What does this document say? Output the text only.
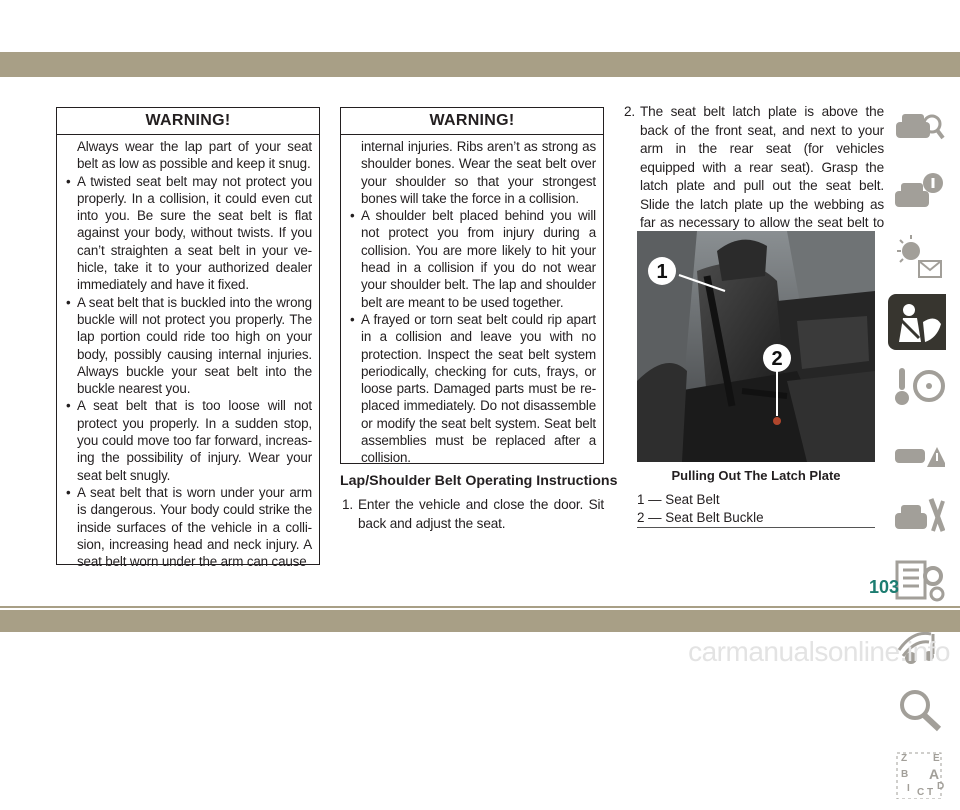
WARNING!

Always wear the lap part of your seat belt as low as possible and keep it snug.

• A twisted seat belt may not protect you properly. In a collision, it could even cut into you. Be sure the seat belt is flat against your body, without twists. If you can’t straighten a seat belt in your ve-hicle, take it to your authorized dealer immediately and have it fixed.

• A seat belt that is buckled into the wrong buckle will not protect you properly. The lap portion could ride too high on your body, possibly causing internal injuries. Always buckle your seat belt into the buckle nearest you.

• A seat belt that is too loose will not protect you properly. In a sudden stop, you could move too far forward, increas-ing the possibility of injury. Wear your seat belt snugly.

• A seat belt that is worn under your arm is dangerous. Your body could strike the inside surfaces of the vehicle in a colli-sion, increasing head and neck injury. A seat belt worn under the arm can cause

WARNING!

internal injuries. Ribs aren’t as strong as shoulder bones. Wear the seat belt over your shoulder so that your strongest bones will take the force in a collision.

• A shoulder belt placed behind you will not protect you from injury during a collision. You are more likely to hit your head in a collision if you do not wear your shoulder belt. The lap and shoulder belt are meant to be used together.

• A frayed or torn seat belt could rip apart in a collision and leave you with no protection. Inspect the seat belt system periodically, checking for cuts, frays, or loose parts. Damaged parts must be re-placed immediately. Do not disassemble or modify the seat belt system. Seat belt assemblies must be replaced after a collision.

Lap/Shoulder Belt Operating Instructions
1. Enter the vehicle and close the door. Sit back and adjust the seat.
2. The seat belt latch plate is above the back of the front seat, and next to your arm in the rear seat (for vehicles equipped with a rear seat). Grasp the latch plate and pull out the seat belt. Slide the latch plate up the webbing as far as necessary to allow the seat belt to
1
2
Pulling Out The Latch Plate
1 — Seat Belt
2 — Seat Belt Buckle
Z	E
B A
I C T
D
103
carmanualsonline.info
